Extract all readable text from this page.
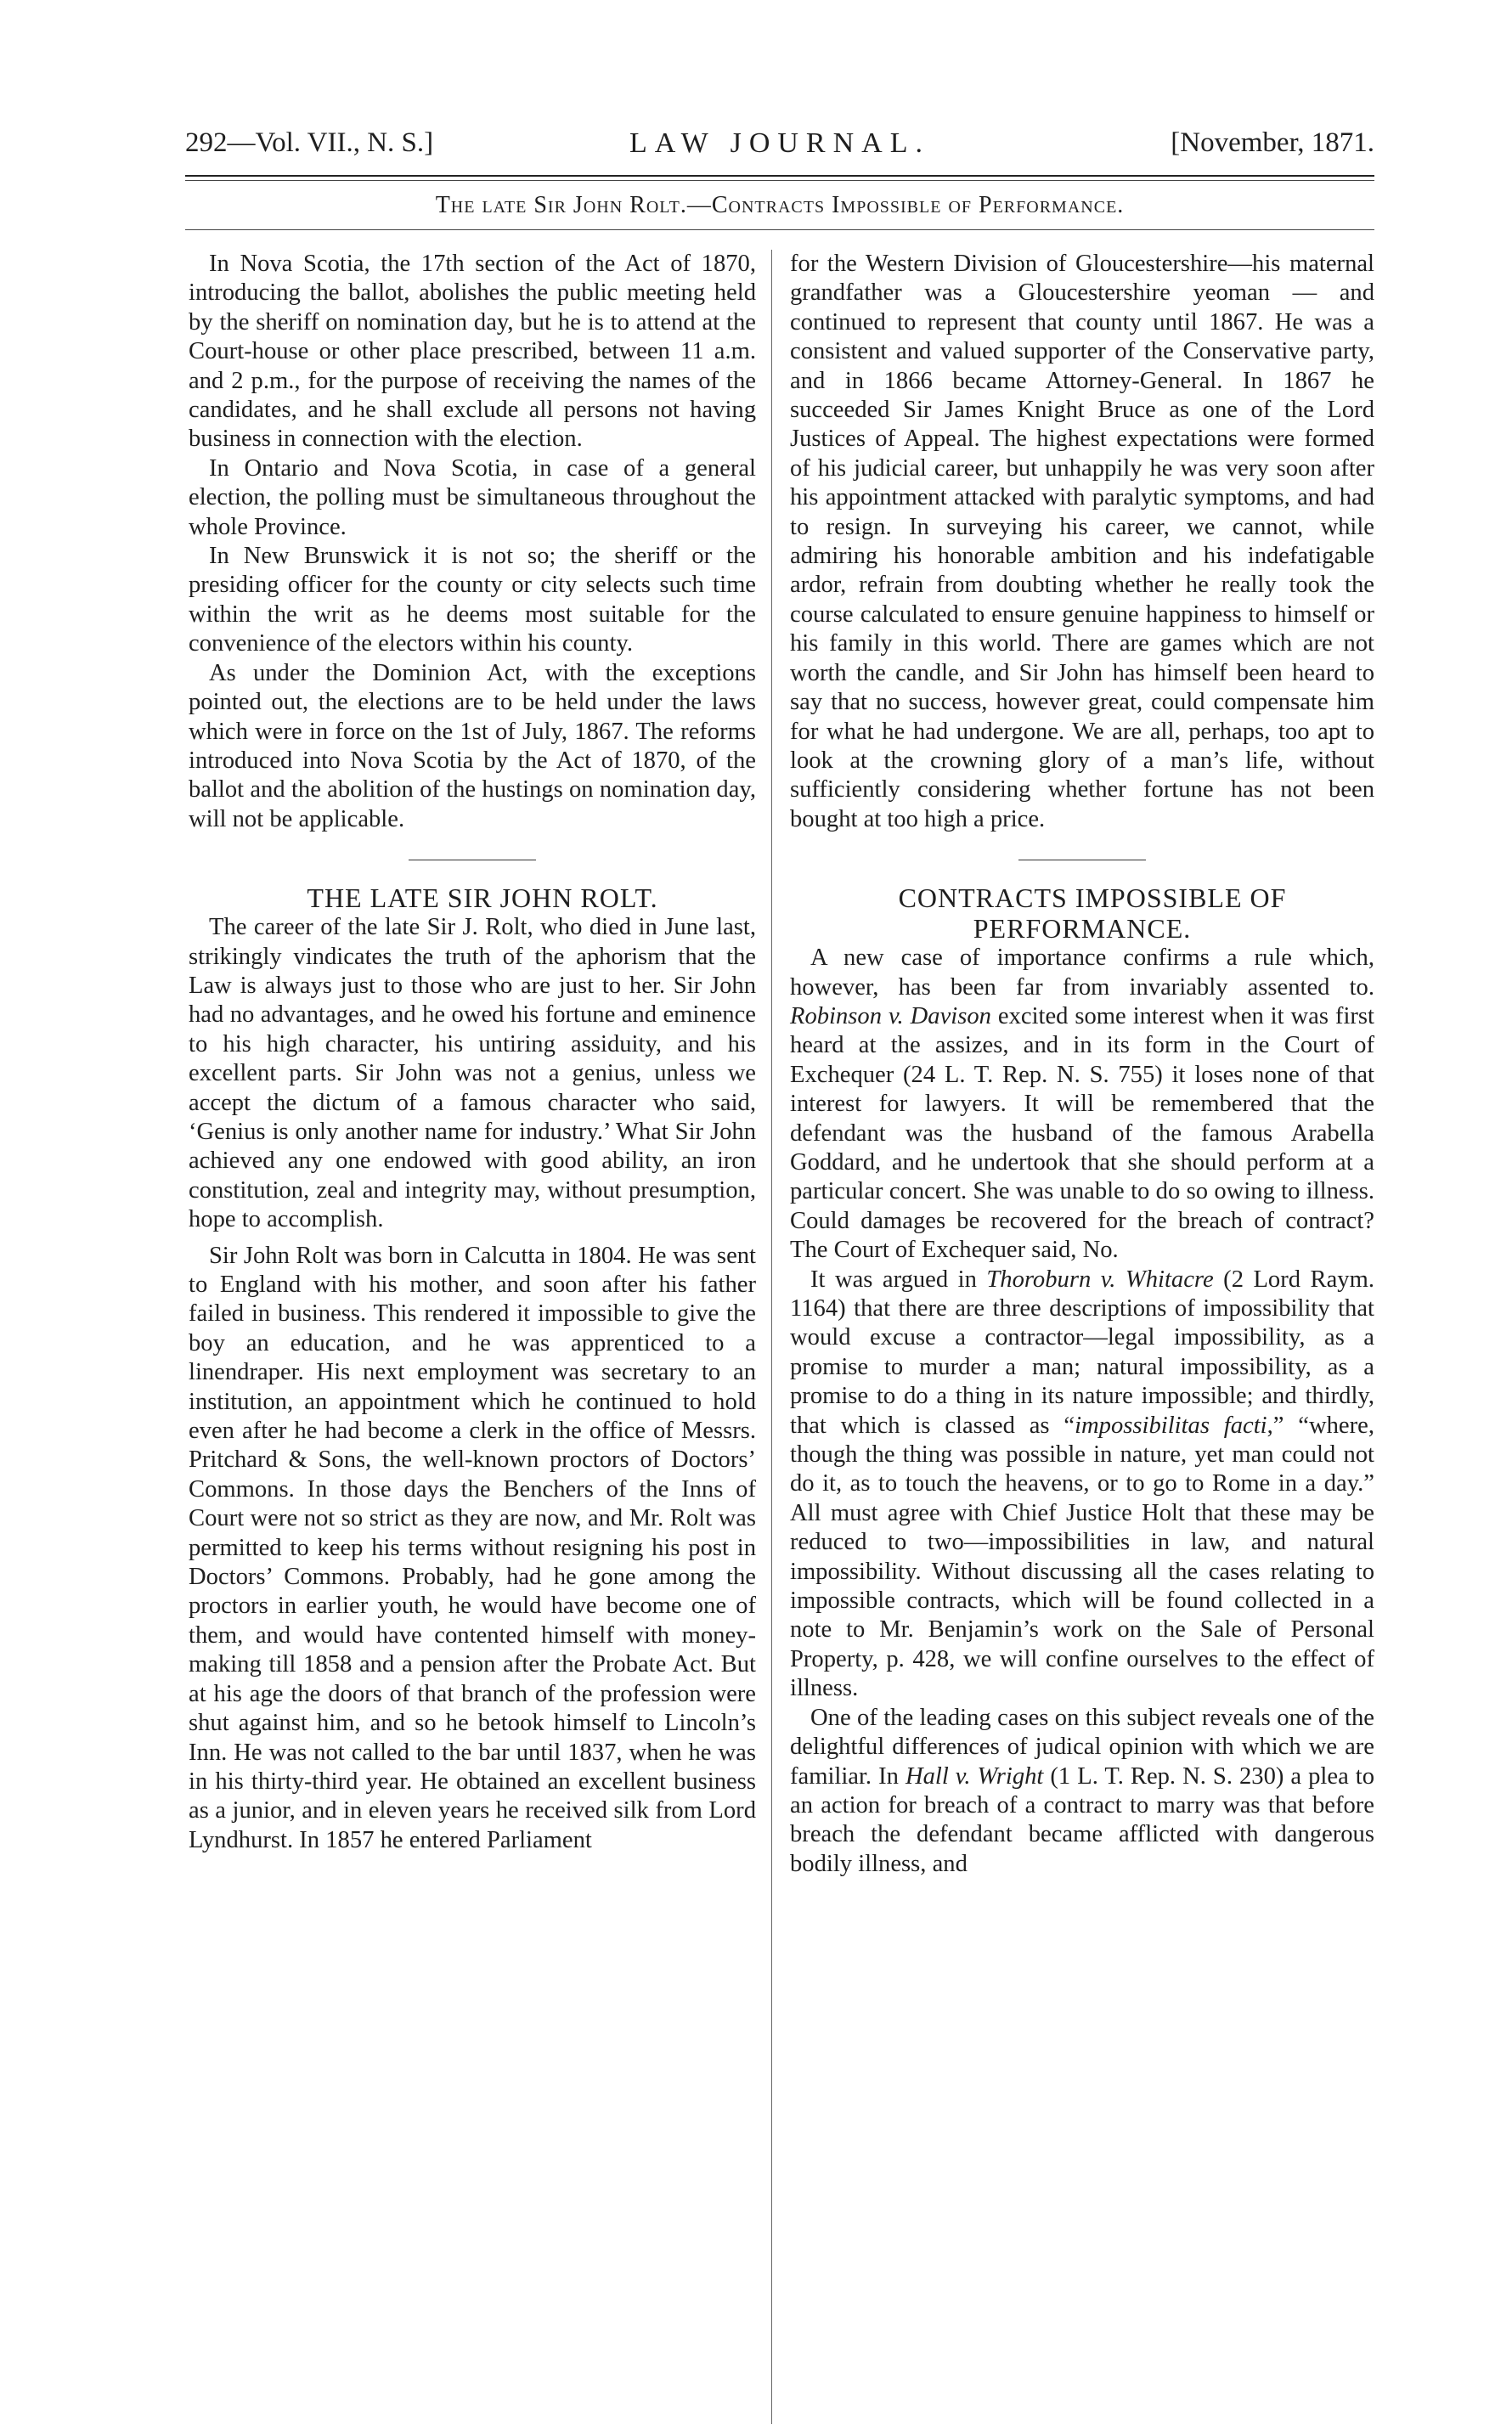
292—Vol. VII., N. S.]	LAW JOURNAL.	[November, 1871.
The late Sir John Rolt.—Contracts Impossible of Performance.

In Nova Scotia, the 17th section of the Act of 1870, introducing the ballot, abolishes the public meeting held by the sheriff on nomination day, but he is to attend at the Court-house or other place prescribed, between 11 a.m. and 2 p.m., for the purpose of receiving the names of the candidates, and he shall exclude all persons not having business in connection with the election.

In Ontario and Nova Scotia, in case of a general election, the polling must be simultaneous throughout the whole Province.

In New Brunswick it is not so; the sheriff or the presiding officer for the county or city selects such time within the writ as he deems most suitable for the convenience of the electors within his county.

As under the Dominion Act, with the exceptions pointed out, the elections are to be held under the laws which were in force on the 1st of July, 1867. The reforms introduced into Nova Scotia by the Act of 1870, of the ballot and the abolition of the hustings on nomination day, will not be applicable.

THE LATE SIR JOHN ROLT.

The career of the late Sir J. Rolt, who died in June last, strikingly vindicates the truth of the aphorism that the Law is always just to those who are just to her. Sir John had no advantages, and he owed his fortune and eminence to his high character, his untiring assiduity, and his excellent parts. Sir John was not a genius, unless we accept the dictum of a famous character who said, ‘Genius is only another name for industry.’ What Sir John achieved any one endowed with good ability, an iron constitution, zeal and integrity may, without presumption, hope to accomplish.

Sir John Rolt was born in Calcutta in 1804. He was sent to England with his mother, and soon after his father failed in business. This rendered it impossible to give the boy an education, and he was apprenticed to a linendraper. His next employment was secretary to an institution, an appointment which he continued to hold even after he had become a clerk in the office of Messrs. Pritchard & Sons, the well-known proctors of Doctors’ Commons. In those days the Benchers of the Inns of Court were not so strict as they are now, and Mr. Rolt was permitted to keep his terms without resigning his post in Doctors’ Commons. Probably, had he gone among the proctors in earlier youth, he would have become one of them, and would have contented himself with money-making till 1858 and a pension after the Probate Act. But at his age the doors of that branch of the profession were shut against him, and so he betook himself to Lincoln’s Inn. He was not called to the bar until 1837, when he was in his thirty-third year. He obtained an excellent business as a junior, and in eleven years he received silk from Lord Lyndhurst. In 1857 he entered Parliament

for the Western Division of Gloucestershire—his maternal grandfather was a Gloucestershire yeoman — and continued to represent that county until 1867. He was a consistent and valued supporter of the Conservative party, and in 1866 became Attorney-General. In 1867 he succeeded Sir James Knight Bruce as one of the Lord Justices of Appeal. The highest expectations were formed of his judicial career, but unhappily he was very soon after his appointment attacked with paralytic symptoms, and had to resign. In surveying his career, we cannot, while admiring his honorable ambition and his indefatigable ardor, refrain from doubting whether he really took the course calculated to ensure genuine happiness to himself or his family in this world. There are games which are not worth the candle, and Sir John has himself been heard to say that no success, however great, could compensate him for what he had undergone. We are all, perhaps, too apt to look at the crowning glory of a man’s life, without sufficiently considering whether fortune has not been bought at too high a price.

CONTRACTS IMPOSSIBLE OF
PERFORMANCE.

A new case of importance confirms a rule which, however, has been far from invariably assented to. Robinson v. Davison excited some interest when it was first heard at the assizes, and in its form in the Court of Exchequer (24 L. T. Rep. N. S. 755) it loses none of that interest for lawyers. It will be remembered that the defendant was the husband of the famous Arabella Goddard, and he undertook that she should perform at a particular concert. She was unable to do so owing to illness. Could damages be recovered for the breach of contract? The Court of Exchequer said, No.

It was argued in Thoroburn v. Whitacre (2 Lord Raym. 1164) that there are three descriptions of impossibility that would excuse a contractor—legal impossibility, as a promise to murder a man; natural impossibility, as a promise to do a thing in its nature impossible; and thirdly, that which is classed as “impossibilitas facti,” “where, though the thing was possible in nature, yet man could not do it, as to touch the heavens, or to go to Rome in a day.” All must agree with Chief Justice Holt that these may be reduced to two—impossibilities in law, and natural impossibility. Without discussing all the cases relating to impossible contracts, which will be found collected in a note to Mr. Benjamin’s work on the Sale of Personal Property, p. 428, we will confine ourselves to the effect of illness.

One of the leading cases on this subject reveals one of the delightful differences of judical opinion with which we are familiar. In Hall v. Wright (1 L. T. Rep. N. S. 230) a plea to an action for breach of a contract to marry was that before breach the defendant became afflicted with dangerous bodily illness, and
